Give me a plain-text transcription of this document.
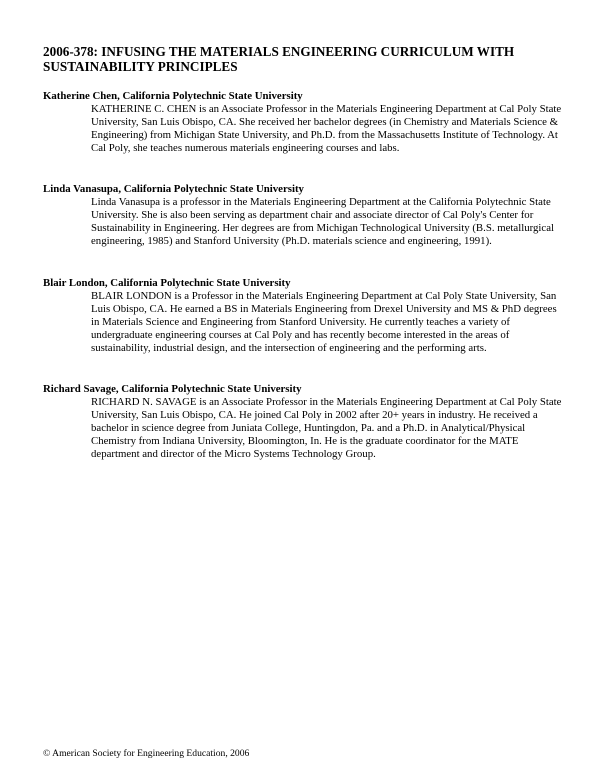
2006-378: INFUSING THE MATERIALS ENGINEERING CURRICULUM WITH SUSTAINABILITY PRINCIPLES

Katherine Chen, California Polytechnic State University

KATHERINE C. CHEN is an Associate Professor in the Materials Engineering Department at Cal Poly State University, San Luis Obispo, CA. She received her bachelor degrees (in Chemistry and Materials Science & Engineering) from Michigan State University, and Ph.D. from the Massachusetts Institute of Technology. At Cal Poly, she teaches numerous materials engineering courses and labs.

Linda Vanasupa, California Polytechnic State University

Linda Vanasupa is a professor in the Materials Engineering Department at the California Polytechnic State University. She is also been serving as department chair and associate director of Cal Poly's Center for Sustainability in Engineering. Her degrees are from Michigan Technological University (B.S. metallurgical engineering, 1985) and Stanford University (Ph.D. materials science and engineering, 1991).

Blair London, California Polytechnic State University

BLAIR LONDON is a Professor in the Materials Engineering Department at Cal Poly State University, San Luis Obispo, CA. He earned a BS in Materials Engineering from Drexel University and MS & PhD degrees in Materials Science and Engineering from Stanford University. He currently teaches a variety of undergraduate engineering courses at Cal Poly and has recently become interested in the areas of sustainability, industrial design, and the intersection of engineering and the performing arts.

Richard Savage, California Polytechnic State University

RICHARD N. SAVAGE is an Associate Professor in the Materials Engineering Department at Cal Poly State University, San Luis Obispo, CA. He joined Cal Poly in 2002 after 20+ years in industry. He received a bachelor in science degree from Juniata College, Huntingdon, Pa. and a Ph.D. in Analytical/Physical Chemistry from Indiana University, Bloomington, In. He is the graduate coordinator for the MATE department and director of the Micro Systems Technology Group.

© American Society for Engineering Education, 2006
